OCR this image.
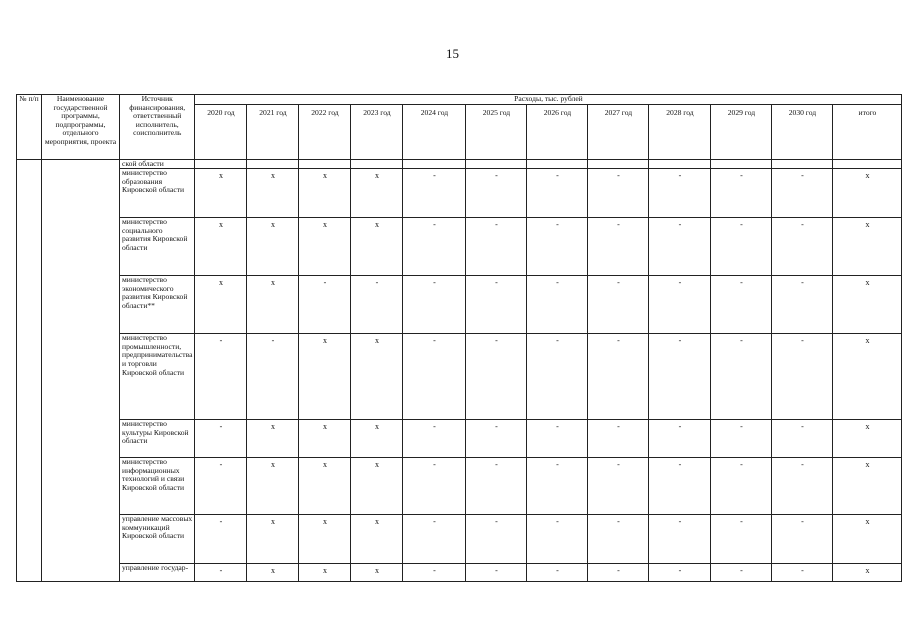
15
№ п/п	Наименование государственной программы, подпрограммы, отдельного мероприятия, проекта	Источник финансирования, ответственный исполнитель, соисполнитель	Расходы, тыс. рублей											
			2020 год	2021 год	2022 год	2023 год	2024 год	2025 год	2026 год	2027 год	2028 год	2029 год	2030 год	итого
		ской области												
		министерство образования Кировской области	x	x	x	x	-	-	-	-	-	-	-	x
		министерство социального развития Кировской области	x	x	x	x	-	-	-	-	-	-	-	x
		министерство экономического развития Кировской области**	x	x	-	-	-	-	-	-	-	-	-	x
		министерство промышленности, предпринимательства и торговли Кировской области	-	-	x	x	-	-	-	-	-	-	-	x
		министерство культуры Кировской области	-	x	x	x	-	-	-	-	-	-	-	x
		министерство информационных технологий и связи Кировской области	-	x	x	x	-	-	-	-	-	-	-	x
		управление массовых коммуникаций Кировской области	-	x	x	x	-	-	-	-	-	-	-	x
		управление государ-	-	x	x	x	-	-	-	-	-	-	-	x
